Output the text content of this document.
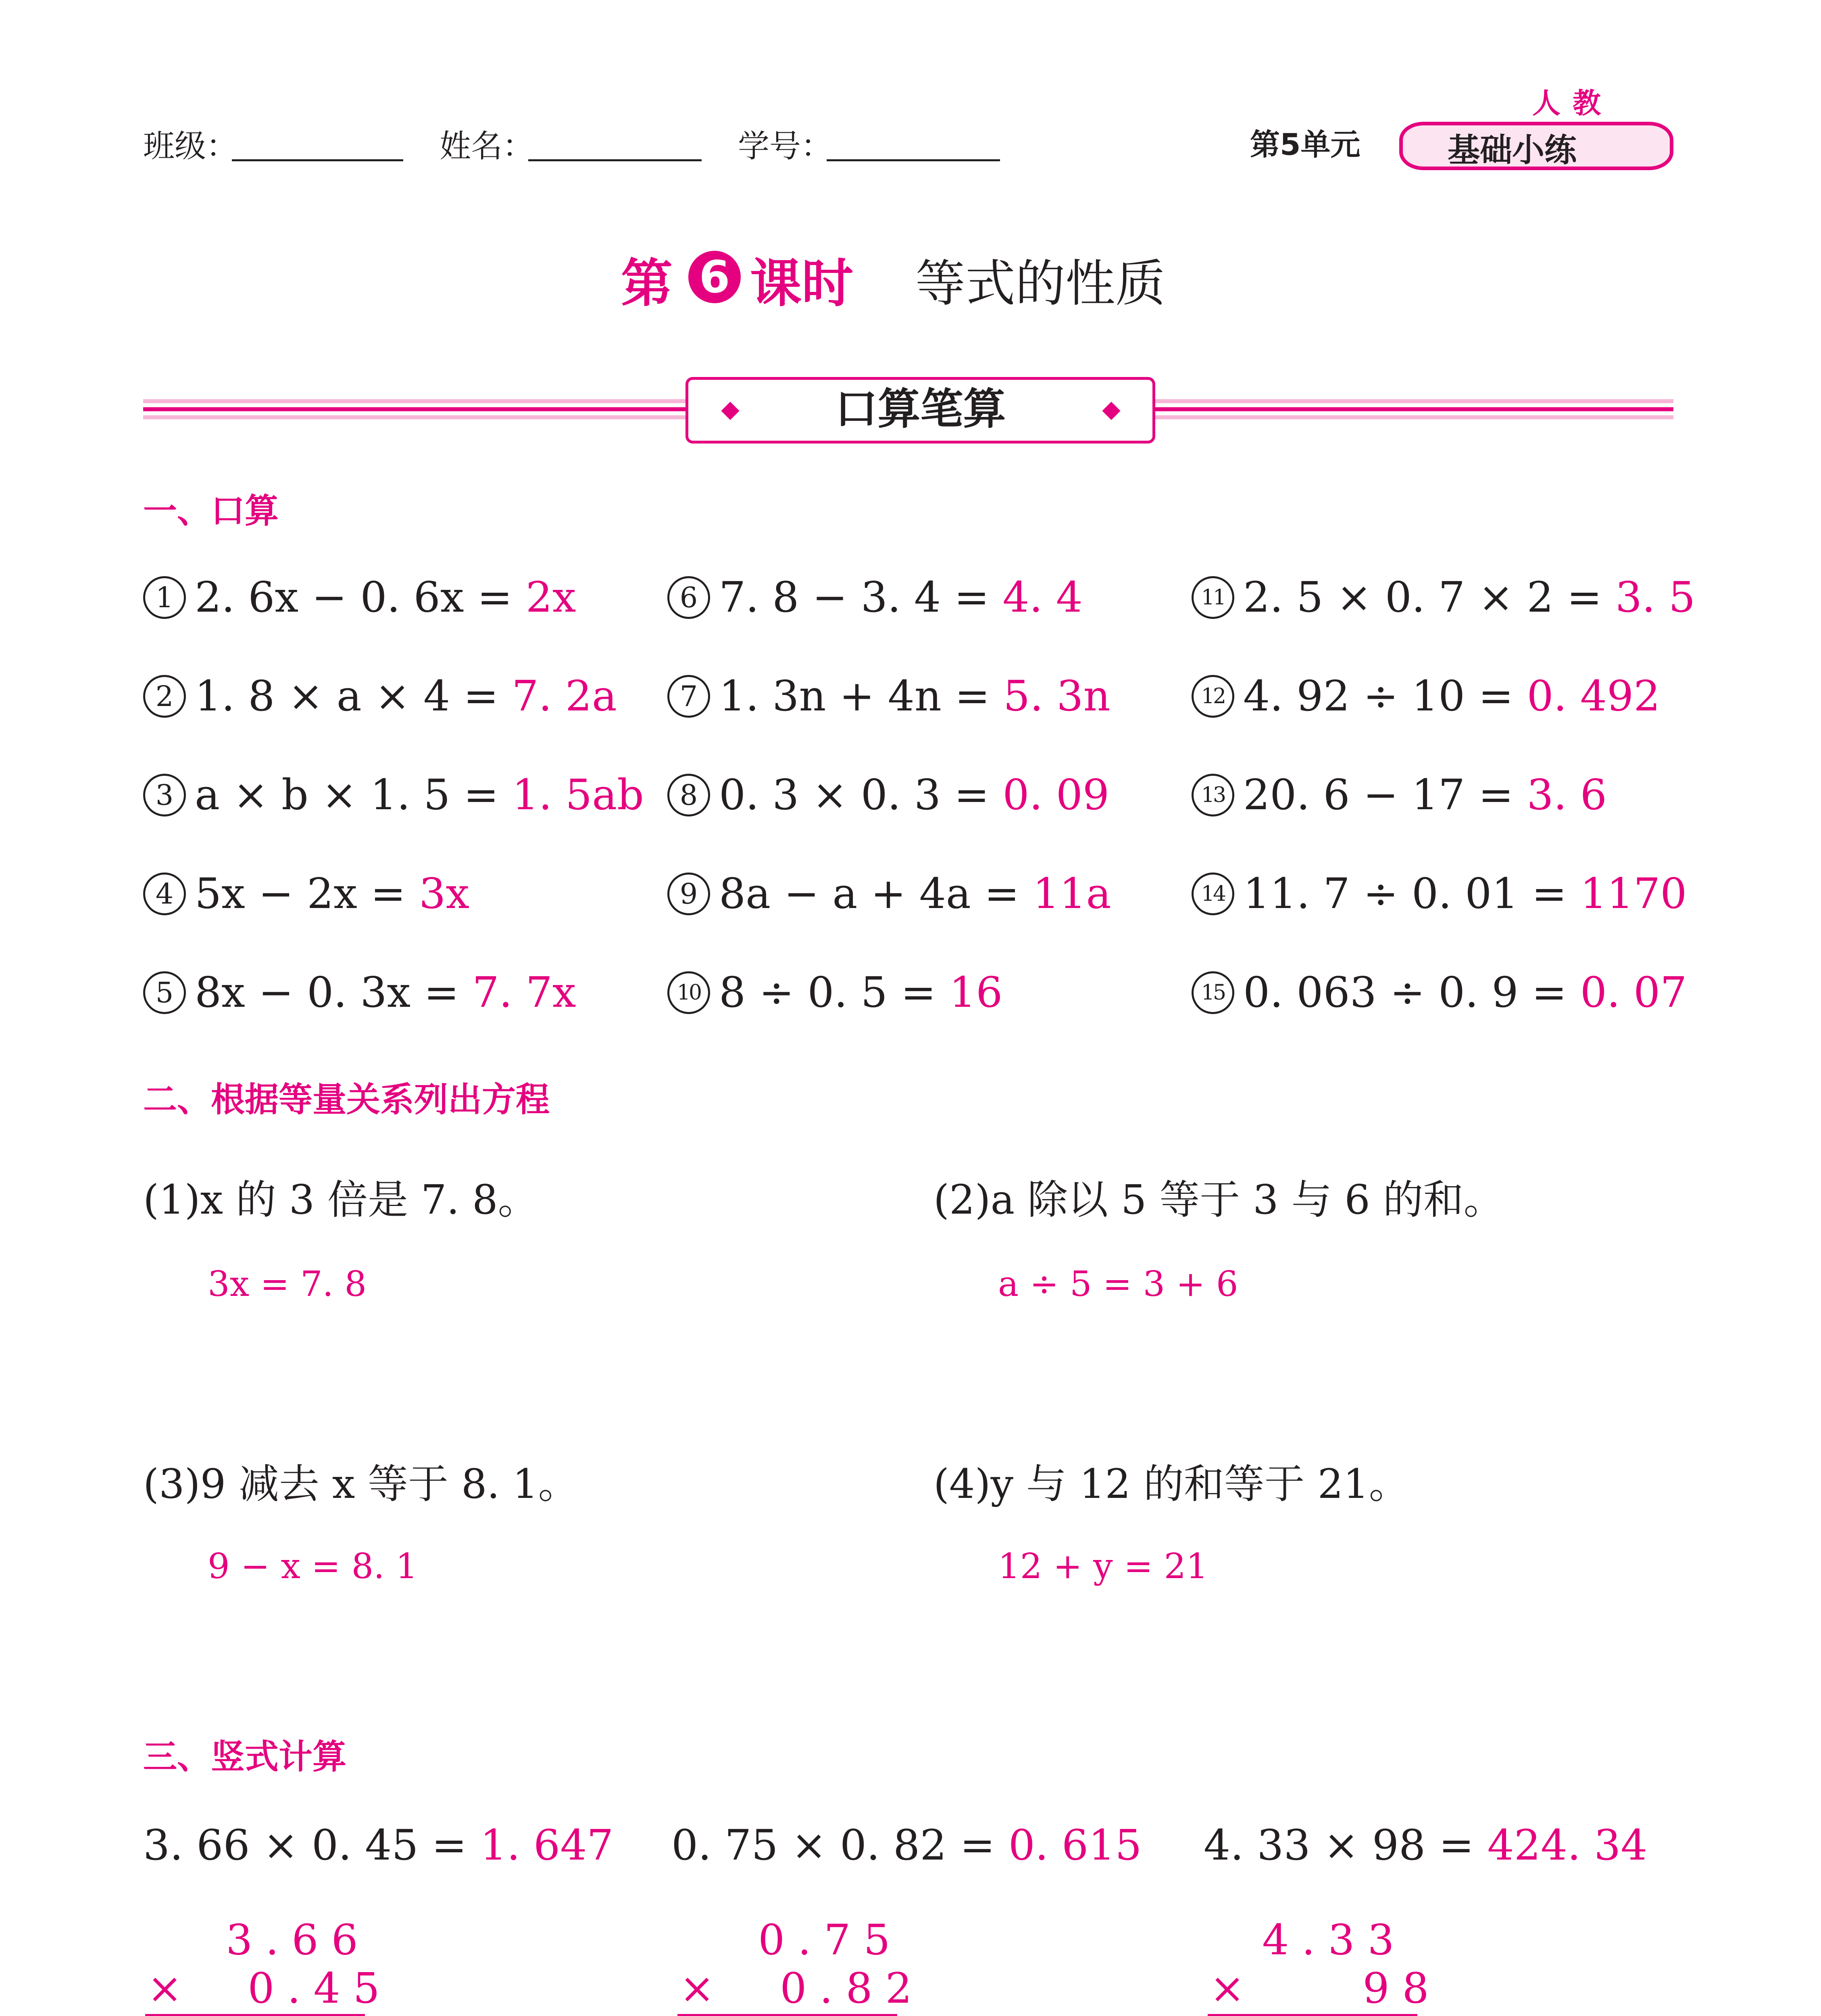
班级：	姓名：	学号：	第5单元	基础小练
人教
第 6 课时 等式的性质
口算笔算
一、口算
1 2. 6x − 0. 6x = 2x
2 1. 8 × a × 4 = 7. 2a
3 a × b × 1. 5 = 1. 5ab
4 5x − 2x = 3x
5 8x − 0. 3x = 7. 7x
6 7. 8 − 3. 4 = 4. 4
7 1. 3n + 4n = 5. 3n
8 0. 3 × 0. 3 = 0. 09
9 8a − a + 4a = 11a
10 8 ÷ 0. 5 = 16
11 2. 5 × 0. 7 × 2 = 3. 5
12 4. 92 ÷ 10 = 0. 492
13 20. 6 − 17 = 3. 6
14 11. 7 ÷ 0. 01 = 1170
15 0. 063 ÷ 0. 9 = 0. 07
二、根据等量关系列出方程
(1)x 的 3 倍是 7. 8。
3x = 7. 8
(2)a 除以 5 等于 3 与 6 的和。
a ÷ 5 = 3 + 6
(3)9 减去 x 等于 8. 1。
9 − x = 8. 1
(4)y 与 12 的和等于 21。
12 + y = 21
三、竖式计算
3. 66 × 0. 45 = 1. 647
3.66
×  0.45
0. 75 × 0. 82 = 0. 615
0.75
×  0.82
4. 33 × 98 = 424. 34
4.33
×    98
